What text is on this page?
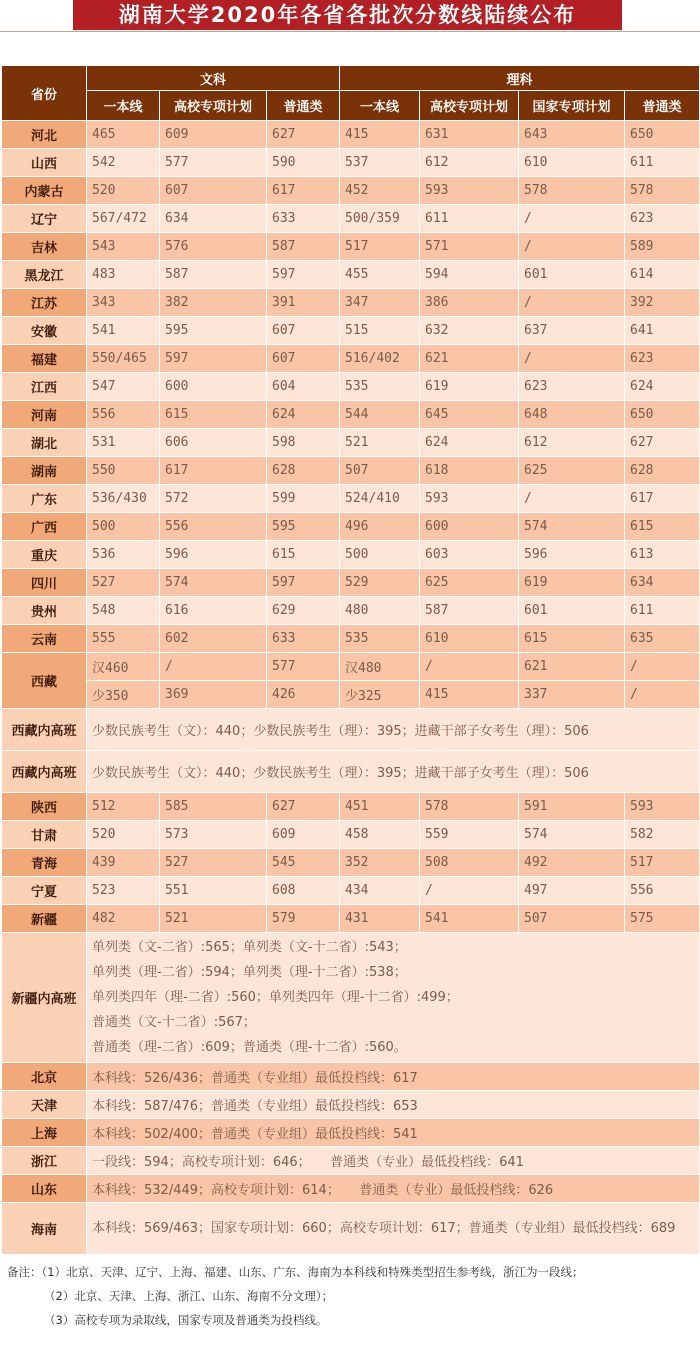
湖南大学2020年各省各批次分数线陆续公布
省份	文科			理科			
	一本线	高校专项计划	普通类	一本线	高校专项计划	国家专项计划	普通类
河北	465	609	627	415	631	643	650
山西	542	577	590	537	612	610	611
内蒙古	520	607	617	452	593	578	578
辽宁	567/472	634	633	500/359	611	/	623
吉林	543	576	587	517	571	/	589
黑龙江	483	587	597	455	594	601	614
江苏	343	382	391	347	386	/	392
安徽	541	595	607	515	632	637	641
福建	550/465	597	607	516/402	621	/	623
江西	547	600	604	535	619	623	624
河南	556	615	624	544	645	648	650
湖北	531	606	598	521	624	612	627
湖南	550	617	628	507	618	625	628
广东	536/430	572	599	524/410	593	/	617
广西	500	556	595	496	600	574	615
重庆	536	596	615	500	603	596	613
四川	527	574	597	529	625	619	634
贵州	548	616	629	480	587	601	611
云南	555	602	633	535	610	615	635
西藏	汉460	/	577	汉480	/	621	/
	少350	369	426	少325	415	337	/
西藏内高班	少数民族考生（文）：440；少数民族考生（理）：395；进藏干部子女考生（理）：506						
西藏内高班	少数民族考生（文）：440；少数民族考生（理）：395；进藏干部子女考生（理）：506						
陕西	512	585	627	451	578	591	593
甘肃	520	573	609	458	559	574	582
青海	439	527	545	352	508	492	517
宁夏	523	551	608	434	/	497	556
新疆	482	521	579	431	541	507	575
新疆内高班	单列类（文-二省）:565；单列类（文-十二省）:543；
单列类（理-二省）:594；单列类（理-十二省）:538；
单列类四年（理-二省）:560；单列类四年（理-十二省）:499；
普通类（文-十二省）:567；
普通类（理-二省）:609；普通类（理-十二省）:560。						

北京	本科线：526/436；普通类（专业组）最低投档线：617						
天津	本科线：587/476；普通类（专业组）最低投档线：653						
上海	本科线：502/400；普通类（专业组）最低投档线：541						
浙江	一段线：594；高校专项计划：646；　　普通类（专业）最低投档线：641						
山东	本科线：532/449；高校专项计划：614；　　普通类（专业）最低投档线：626						
海南	本科线：569/463；国家专项计划：660；高校专项计划：617；普通类（专业组）最低投档线：689						
备注：（1）北京、天津、辽宁、上海、福建、山东、广东、海南为本科线和特殊类型招生参考线，浙江为一段线；
（2）北京、天津、上海、浙江、山东、海南不分文理）；
（3）高校专项为录取线，国家专项及普通类为投档线。
